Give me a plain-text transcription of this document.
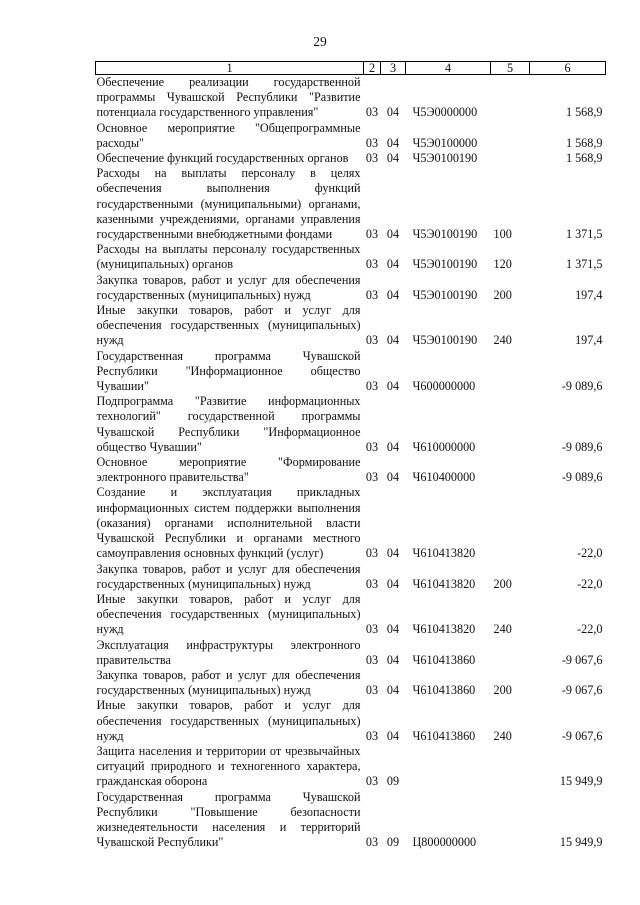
29
1	2	3	4	5	6
Обеспечение реализации государственной программы Чувашской Республики "Развитие потенциала государственного управления"	03	04	Ч5Э0000000		1 568,9
Основное мероприятие "Общепрограммные расходы"	03	04	Ч5Э0100000		1 568,9
Обеспечение функций государственных органов	03	04	Ч5Э0100190		1 568,9
Расходы на выплаты персоналу в целях обеспечения выполнения функций государственными (муниципальными) органами, казенными учреждениями, органами управления государственными внебюджетными фондами	03	04	Ч5Э0100190	100	1 371,5
Расходы на выплаты персоналу государственных (муниципальных) органов	03	04	Ч5Э0100190	120	1 371,5
Закупка товаров, работ и услуг для обеспечения государственных (муниципальных) нужд	03	04	Ч5Э0100190	200	197,4
Иные закупки товаров, работ и услуг для обеспечения государственных (муниципальных) нужд	03	04	Ч5Э0100190	240	197,4
Государственная программа Чувашской Республики "Информационное общество Чувашии"	03	04	Ч600000000		-9 089,6
Подпрограмма "Развитие информационных технологий" государственной программы Чувашской Республики "Информационное общество Чувашии"	03	04	Ч610000000		-9 089,6
Основное мероприятие "Формирование электронного правительства"	03	04	Ч610400000		-9 089,6
Создание и эксплуатация прикладных информационных систем поддержки выполнения (оказания) органами исполнительной власти Чувашской Республики и органами местного самоуправления основных функций (услуг)	03	04	Ч610413820		-22,0
Закупка товаров, работ и услуг для обеспечения государственных (муниципальных) нужд	03	04	Ч610413820	200	-22,0
Иные закупки товаров, работ и услуг для обеспечения государственных (муниципальных) нужд	03	04	Ч610413820	240	-22,0
Эксплуатация инфраструктуры электронного правительства	03	04	Ч610413860		-9 067,6
Закупка товаров, работ и услуг для обеспечения государственных (муниципальных) нужд	03	04	Ч610413860	200	-9 067,6
Иные закупки товаров, работ и услуг для обеспечения государственных (муниципальных) нужд	03	04	Ч610413860	240	-9 067,6
Защита населения и территории от чрезвычайных ситуаций природного и техногенного характера, гражданская оборона	03	09			15 949,9
Государственная программа Чувашской Республики "Повышение безопасности жизнедеятельности населения и территорий Чувашской Республики"	03	09	Ц800000000		15 949,9
